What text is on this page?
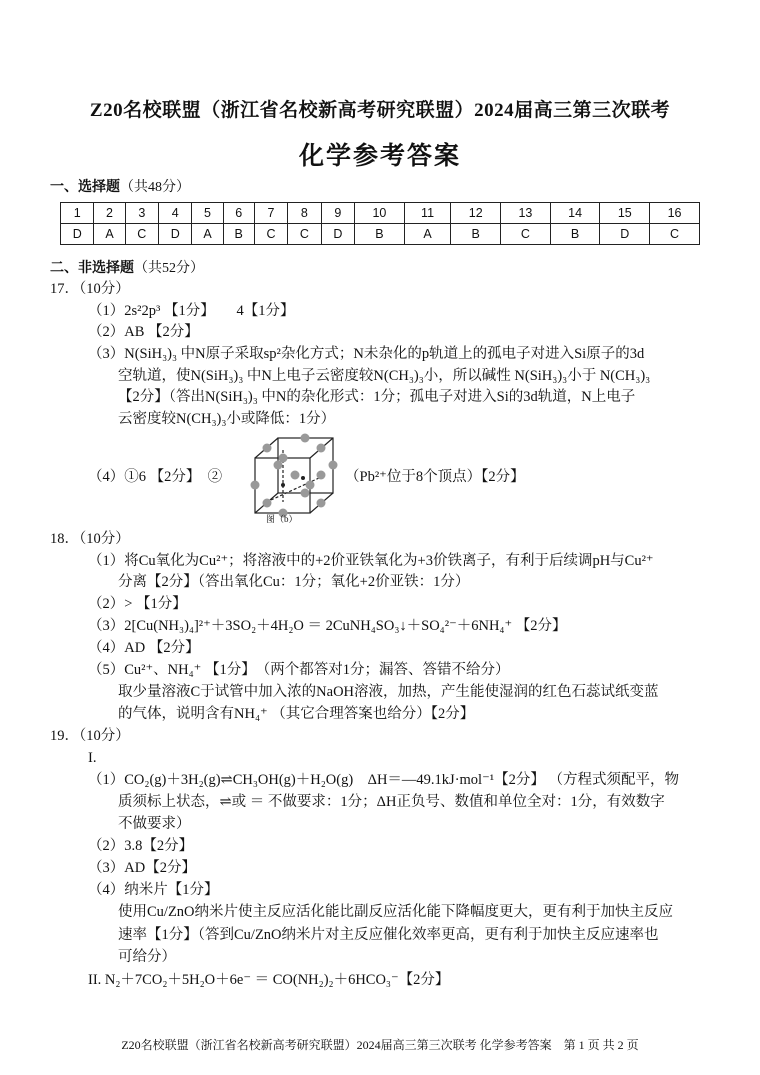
Z20名校联盟（浙江省名校新高考研究联盟）2024届高三第三次联考
化学参考答案
一、选择题（共48分）
1	2	3	4	5	6	7	8	9	10	11	12	13	14	15	16
D	A	C	D	A	B	C	C	D	B	A	B	C	B	D	C
二、非选择题（共52分）
17．（10分）
（1）2s²2p³ 【1分】　　4【1分】
（2）AB 【2分】
（3）N(SiH₃)₃ 中N原子采取sp²杂化方式；N未杂化的p轨道上的孤电子对进入Si原子的3d
空轨道，使N(SiH₃)₃ 中N上电子云密度较N(CH₃)₃小，所以碱性 N(SiH₃)₃小于 N(CH₃)₃
【2分】（答出N(SiH₃)₃ 中N的杂化形式：1分；孤电子对进入Si的3d轨道，N上电子
云密度较N(CH₃)₃小或降低：1分）
（4）①6 【2分】　②	（Pb²⁺位于8个顶点）【2分】
图（b）
18．（10分）
（1）将Cu氧化为Cu²⁺；将溶液中的+2价亚铁氧化为+3价铁离子，有利于后续调pH与Cu²⁺
分离【2分】（答出氧化Cu：1分；氧化+2价亚铁：1分）
（2）> 【1分】
（3）2[Cu(NH₃)₄]²⁺＋3SO₂＋4H₂O ＝ 2CuNH₄SO₃↓＋SO₄²⁻＋6NH₄⁺ 【2分】
（4）AD 【2分】
（5）Cu²⁺、NH₄⁺ 【1分】　（两个都答对1分；漏答、答错不给分）
取少量溶液C于试管中加入浓的NaOH溶液，加热，产生能使湿润的红色石蕊试纸变蓝
的气体，说明含有NH₄⁺ （其它合理答案也给分）【2分】
19．（10分）
I.
（1）CO₂(g)＋3H₂(g)⇌CH₃OH(g)＋H₂O(g)　ΔH＝—49.1kJ·mol⁻¹【2分】 （方程式须配平，物
质须标上状态，⇌或 ＝ 不做要求：1分；ΔH正负号、数值和单位全对：1分，有效数字
不做要求）
（2）3.8【2分】
（3）AD【2分】
（4）纳米片【1分】
使用Cu/ZnO纳米片使主反应活化能比副反应活化能下降幅度更大，更有利于加快主反应
速率【1分】（答到Cu/ZnO纳米片对主反应催化效率更高，更有利于加快主反应速率也
可给分）
II. N₂＋7CO₂＋5H₂O＋6e⁻ ＝ CO(NH₂)₂＋6HCO₃⁻【2分】
Z20名校联盟（浙江省名校新高考研究联盟）2024届高三第三次联考 化学参考答案　第 1 页 共 2 页
